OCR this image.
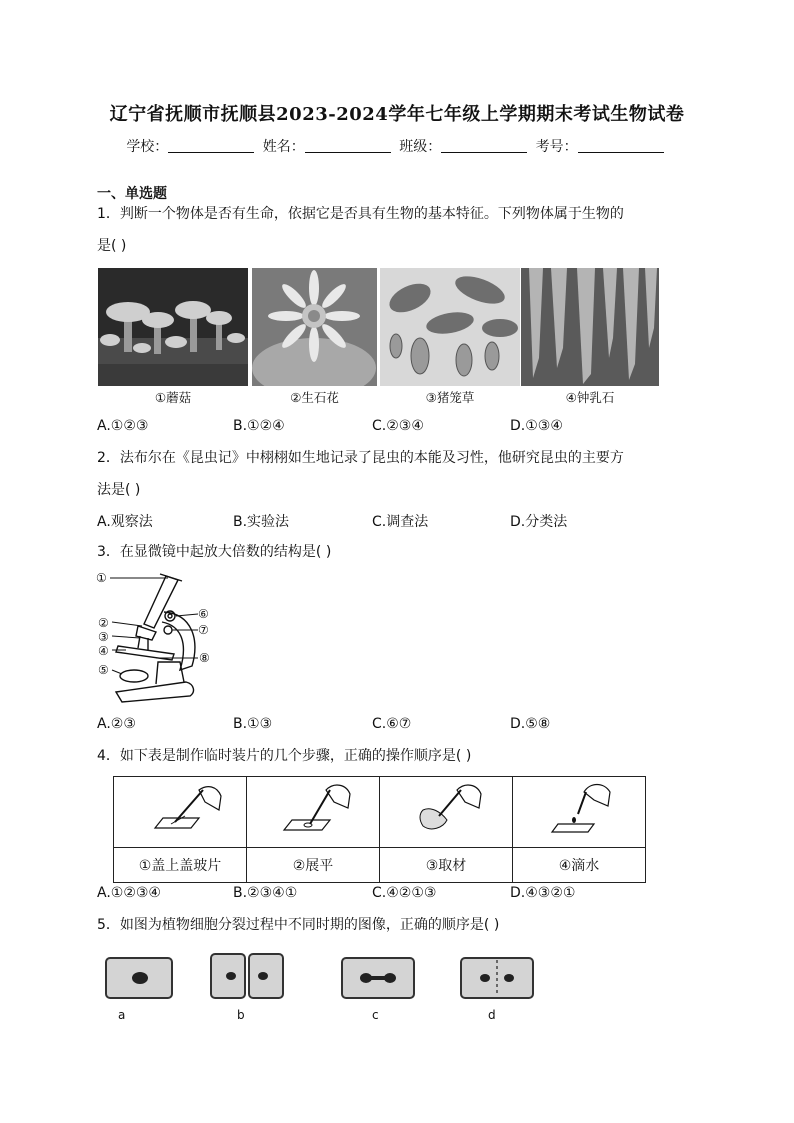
辽宁省抚顺市抚顺县2023-2024学年七年级上学期期末考试生物试卷
学校：	姓名：	班级：	考号：
一、单选题
1．判断一个物体是否有生命，依据它是否具有生物的基本特征。下列物体属于生物的
是( )
①蘑菇	②生石花	③猪笼草	④钟乳石
A.①②③	B.①②④	C.②③④	D.①③④
2．法布尔在《昆虫记》中栩栩如生地记录了昆虫的本能及习性，他研究昆虫的主要方
法是( )
A.观察法	B.实验法	C.调查法	D.分类法
3．在显微镜中起放大倍数的结构是( )
①
②
③
④
⑤
⑥
⑦
⑧
A.②③	B.①③	C.⑥⑦	D.⑤⑧
4．如下表是制作临时装片的几个步骤，正确的操作顺序是( )

①盖上盖玻片	②展平	③取材	④滴水
A.①②③④	B.②③④①	C.④②①③	D.④③②①
5．如图为植物细胞分裂过程中不同时期的图像，正确的顺序是( )
a	b	c	d
